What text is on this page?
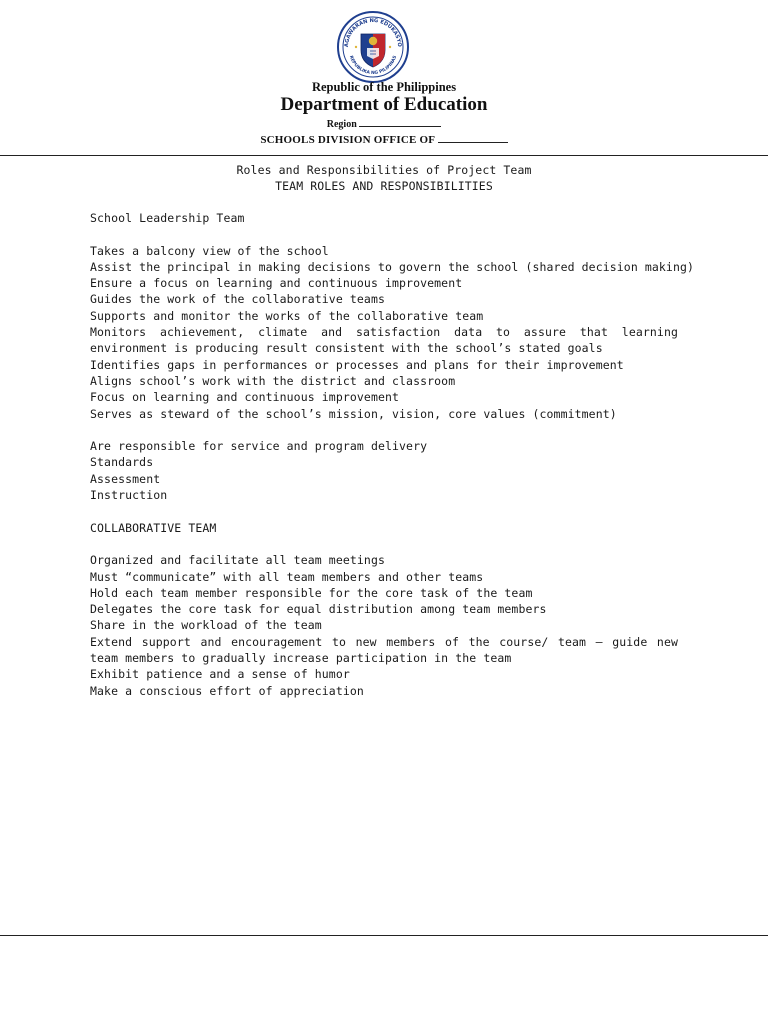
AGAWARAN NG EDUKASYO
REPUBLIKA NG PILIPINAS
Republic of the Philippines
Department of Education
Region
SCHOOLS DIVISION OFFICE OF
Roles and Responsibilities of Project Team
TEAM ROLES AND RESPONSIBILITIES
School Leadership Team
Takes a balcony view of the school
Assist the principal in making decisions to govern the school (shared decision making)
Ensure a focus on learning and continuous improvement
Guides the work of the collaborative teams
Supports and monitor the works of the collaborative team
Monitors achievement, climate and satisfaction data to assure that learning environment is producing result consistent with the school’s stated goals
Identifies gaps in performances or processes and plans for their improvement
Aligns school’s work with the district and classroom
Focus on learning and continuous improvement
Serves as steward of the school’s mission, vision, core values (commitment)
Are responsible for service and program delivery
Standards
Assessment
Instruction
COLLABORATIVE TEAM
Organized and facilitate all team meetings
Must “communicate” with all team members and other teams
Hold each team member responsible for the core task of the team
Delegates the core task for equal distribution among team members
Share in the workload of the team
Extend support and encouragement to new members of the course/ team – guide new team members to gradually increase participation in the team
Exhibit patience and a sense of humor
Make a conscious effort of appreciation
